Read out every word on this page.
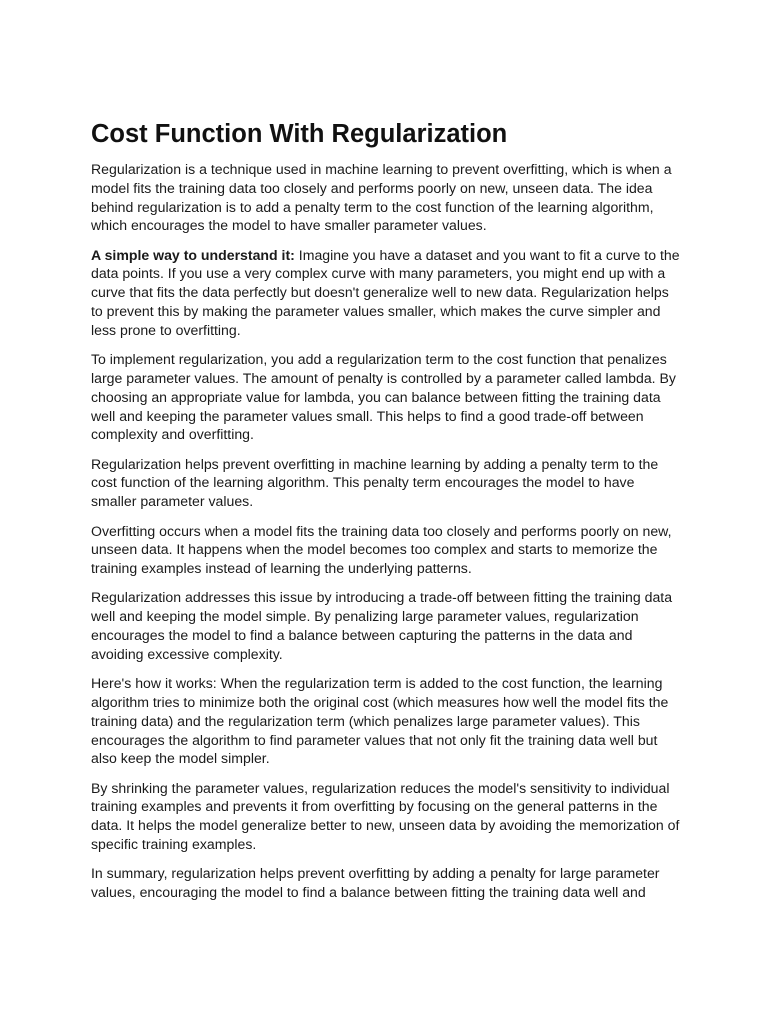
Cost Function With Regularization

Regularization is a technique used in machine learning to prevent overfitting, which is when a model fits the training data too closely and performs poorly on new, unseen data. The idea behind regularization is to add a penalty term to the cost function of the learning algorithm, which encourages the model to have smaller parameter values.

A simple way to understand it: Imagine you have a dataset and you want to fit a curve to the data points. If you use a very complex curve with many parameters, you might end up with a curve that fits the data perfectly but doesn't generalize well to new data. Regularization helps to prevent this by making the parameter values smaller, which makes the curve simpler and less prone to overfitting.

To implement regularization, you add a regularization term to the cost function that penalizes large parameter values. The amount of penalty is controlled by a parameter called lambda. By choosing an appropriate value for lambda, you can balance between fitting the training data well and keeping the parameter values small. This helps to find a good trade-off between complexity and overfitting.

Regularization helps prevent overfitting in machine learning by adding a penalty term to the cost function of the learning algorithm. This penalty term encourages the model to have smaller parameter values.

Overfitting occurs when a model fits the training data too closely and performs poorly on new, unseen data. It happens when the model becomes too complex and starts to memorize the training examples instead of learning the underlying patterns.

Regularization addresses this issue by introducing a trade-off between fitting the training data well and keeping the model simple. By penalizing large parameter values, regularization encourages the model to find a balance between capturing the patterns in the data and avoiding excessive complexity.

Here's how it works: When the regularization term is added to the cost function, the learning algorithm tries to minimize both the original cost (which measures how well the model fits the training data) and the regularization term (which penalizes large parameter values). This encourages the algorithm to find parameter values that not only fit the training data well but also keep the model simpler.

By shrinking the parameter values, regularization reduces the model's sensitivity to individual training examples and prevents it from overfitting by focusing on the general patterns in the data. It helps the model generalize better to new, unseen data by avoiding the memorization of specific training examples.

In summary, regularization helps prevent overfitting by adding a penalty for large parameter values, encouraging the model to find a balance between fitting the training data well and
